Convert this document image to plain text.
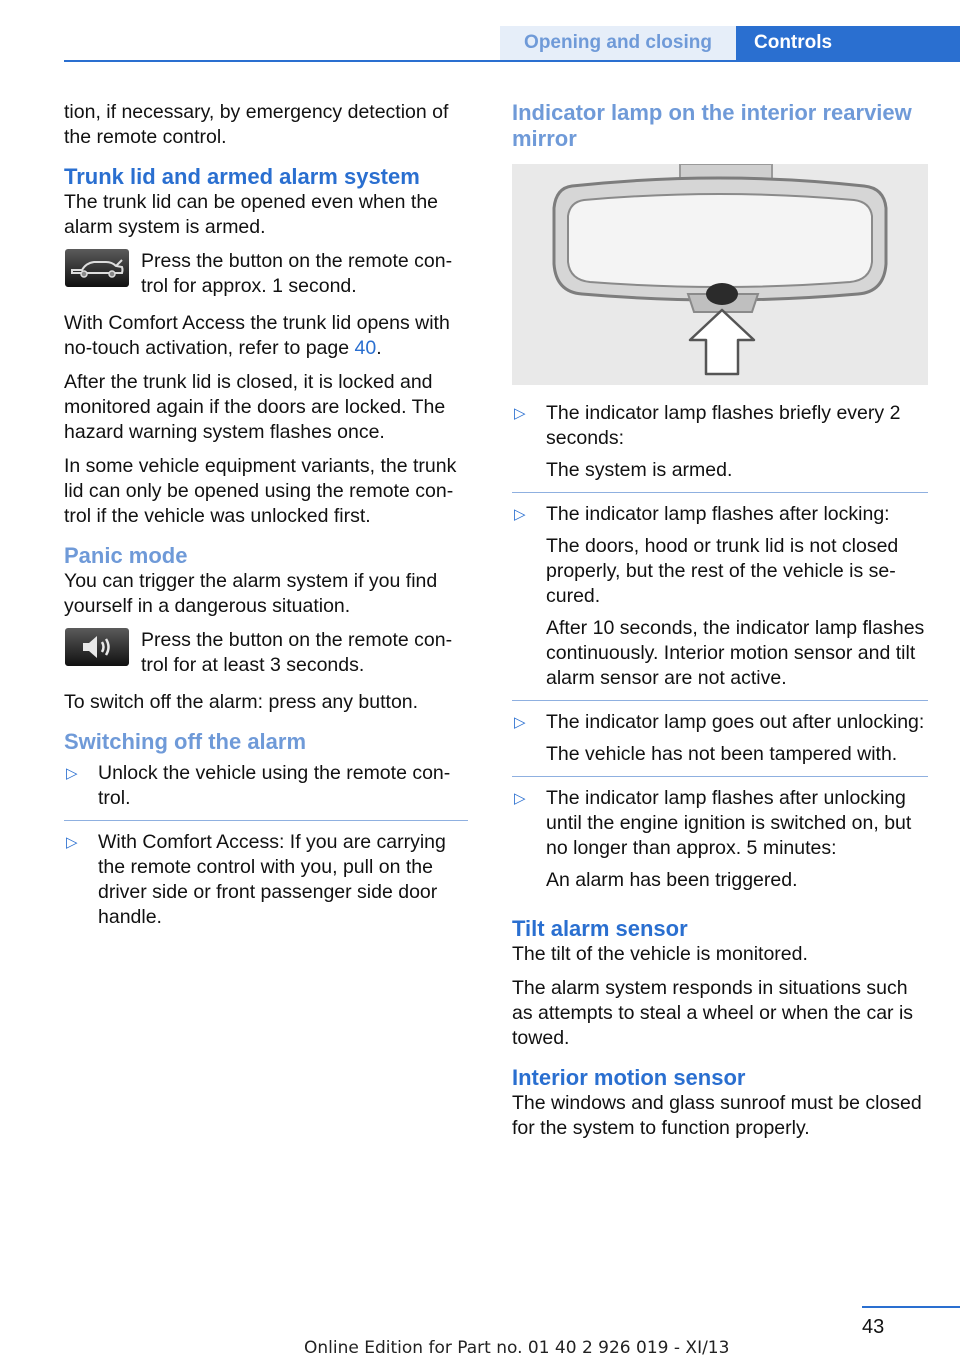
Opening and closing	Controls

tion, if necessary, by emergency detection of the remote control.

Trunk lid and armed alarm system

The trunk lid can be opened even when the alarm system is armed.

Press the button on the remote control for approx. 1 second.

With Comfort Access the trunk lid opens with no-touch activation, refer to page 40.

After the trunk lid is closed, it is locked and monitored again if the doors are locked. The hazard warning system flashes once.

In some vehicle equipment variants, the trunk lid can only be opened using the remote control if the vehicle was unlocked first.

Panic mode

You can trigger the alarm system if you find yourself in a dangerous situation.

Press the button on the remote control for at least 3 seconds.

To switch off the alarm: press any button.

Switching off the alarm
▷ Unlock the vehicle using the remote control.

▷ With Comfort Access: If you are carrying the remote control with you, pull on the driver side or front passenger side door handle.

Indicator lamp on the interior rearview mirror
▷ The indicator lamp flashes briefly every 2 seconds:

The system is armed.

▷ The indicator lamp flashes after locking:

The doors, hood or trunk lid is not closed properly, but the rest of the vehicle is secured.

After 10 seconds, the indicator lamp flashes continuously. Interior motion sensor and tilt alarm sensor are not active.

▷ The indicator lamp goes out after unlocking:

The vehicle has not been tampered with.

▷ The indicator lamp flashes after unlocking until the engine ignition is switched on, but no longer than approx. 5 minutes:

An alarm has been triggered.

Tilt alarm sensor

The tilt of the vehicle is monitored.

The alarm system responds in situations such as attempts to steal a wheel or when the car is towed.

Interior motion sensor

The windows and glass sunroof must be closed for the system to function properly.

43
Online Edition for Part no. 01 40 2 926 019 - XI/13
